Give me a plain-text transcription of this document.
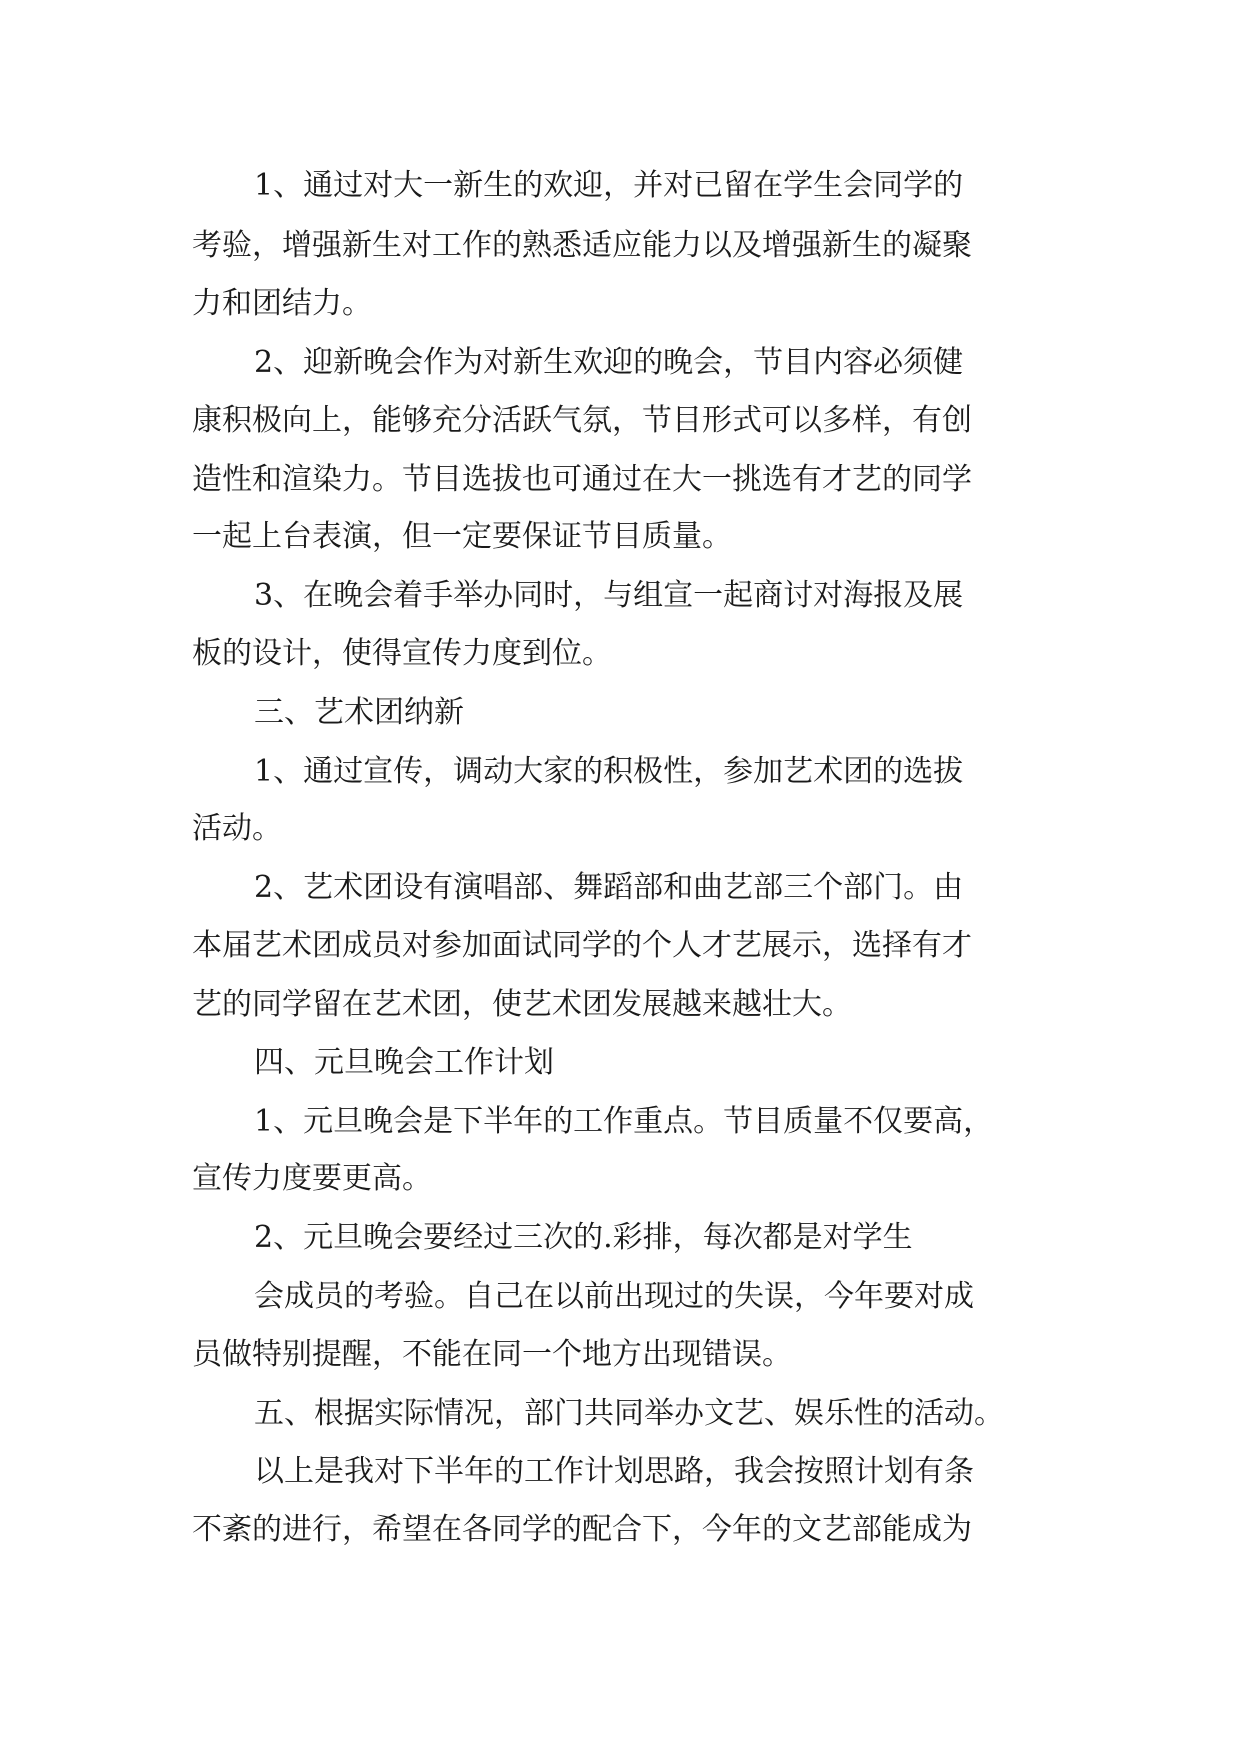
1、通过对大一新生的欢迎，并对已留在学生会同学的

考验，增强新生对工作的熟悉适应能力以及增强新生的凝聚

力和团结力。

2、迎新晚会作为对新生欢迎的晚会，节目内容必须健

康积极向上，能够充分活跃气氛，节目形式可以多样，有创

造性和渲染力。节目选拔也可通过在大一挑选有才艺的同学

一起上台表演，但一定要保证节目质量。

3、在晚会着手举办同时，与组宣一起商讨对海报及展

板的设计，使得宣传力度到位。

三、艺术团纳新

1、通过宣传，调动大家的积极性，参加艺术团的选拔

活动。

2、艺术团设有演唱部、舞蹈部和曲艺部三个部门。由

本届艺术团成员对参加面试同学的个人才艺展示，选择有才

艺的同学留在艺术团，使艺术团发展越来越壮大。

四、元旦晚会工作计划

1、元旦晚会是下半年的工作重点。节目质量不仅要高，

宣传力度要更高。

2、元旦晚会要经过三次的.彩排，每次都是对学生

会成员的考验。自己在以前出现过的失误，今年要对成

员做特别提醒，不能在同一个地方出现错误。

五、根据实际情况，部门共同举办文艺、娱乐性的活动。

以上是我对下半年的工作计划思路，我会按照计划有条

不紊的进行，希望在各同学的配合下，今年的文艺部能成为
